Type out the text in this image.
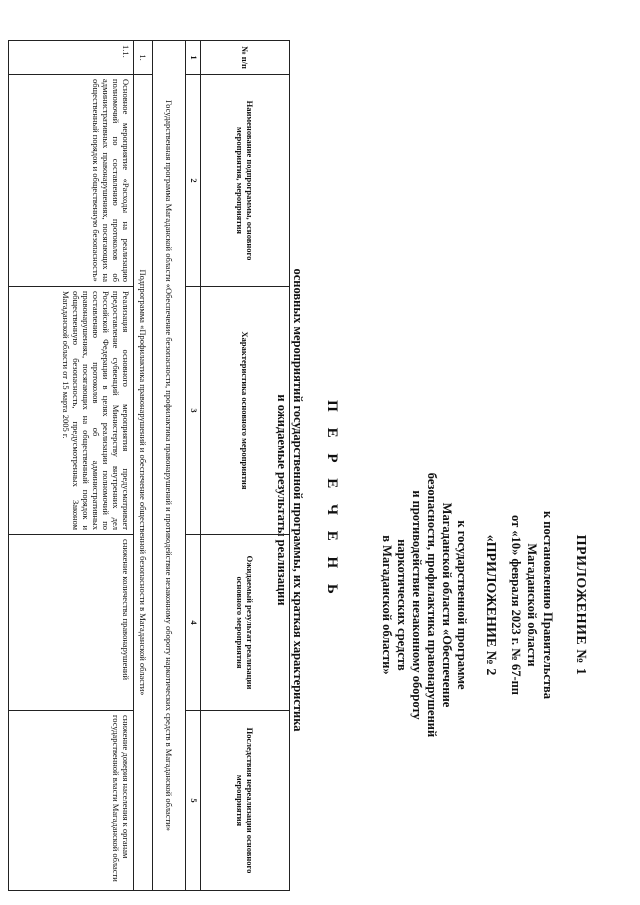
ПРИЛОЖЕНИЕ № 1
к постановлению Правительства
Магаданской области
от «10» февраля 2023 г. № 67-пп
«ПРИЛОЖЕНИЕ № 2
к государственной программе
Магаданской области «Обеспечение
безопасности, профилактика правонарушений
и противодействие незаконному обороту
наркотических средств
в Магаданской области»
П Е Р Е Ч Е Н Ь
основных мероприятий государственной программы, их краткая характеристика
и ожидаемые результаты реализации
№ п/п	Наименование подпрограммы, основного мероприятия, мероприятия	Характеристика основного мероприятия	Ожидаемый результат реализации основного мероприятия	Последствия нереализации основного мероприятия
1	2	3	4	5
Государственная программа Магаданской области «Обеспечение безопасности, профилактика правонарушений и противодействие незаконному обороту наркотических средств в Магаданской области»				
1.	Подпрограмма «Профилактика правонарушений и обеспечение общественной безопасности в Магаданской области»			
1.1.	Основное мероприятие «Расходы на реализацию полномочий по составлению протоколов об административных правонарушениях, посягающих на общественный порядок и общественную безопасность»	Реализация основного мероприятия предусматривает предоставление субвенций Министерству внутренних дел Российской Федерации в целях реализации полномочий по составлению протоколов об административных правонарушениях, посягающих на общественный порядок и общественную безопасность, предусмотренных Законом Магаданской области от 15 марта 2005 г.	снижение количества правонарушений	снижение доверия населения к органам государственной власти Магаданской области
